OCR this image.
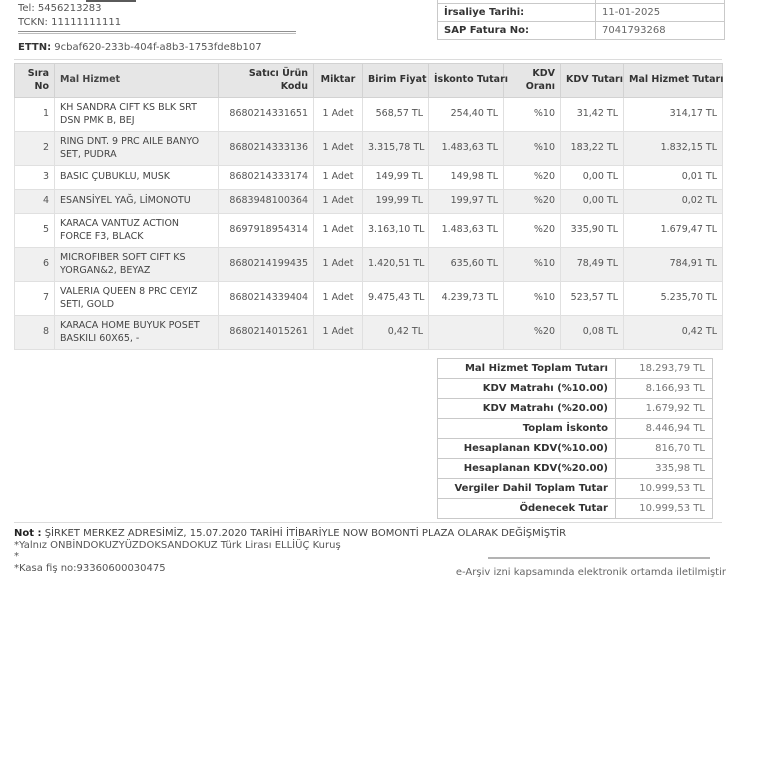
Tel: 5456213283
TCKN: 11111111111
ETTN: 9cbaf620-233b-404f-a8b3-1753fde8b107

İrsaliye Tarihi:	11-01-2025
SAP Fatura No:	7041793268
Sıra No	Mal Hizmet	Satıcı Ürün Kodu	Miktar	Birim Fiyat	İskonto Tutarı	KDV Oranı	KDV Tutarı	Mal Hizmet Tutarı
1	KH SANDRA CIFT KS BLK SRT DSN PMK B, BEJ	8680214331651	1 Adet	568,57 TL	254,40 TL	%10	31,42 TL	314,17 TL
2	RING DNT. 9 PRC AILE BANYO SET, PUDRA	8680214333136	1 Adet	3.315,78 TL	1.483,63 TL	%10	183,22 TL	1.832,15 TL
3	BASIC ÇUBUKLU, MUSK	8680214333174	1 Adet	149,99 TL	149,98 TL	%20	0,00 TL	0,01 TL
4	ESANSİYEL YAĞ, LİMONOTU	8683948100364	1 Adet	199,99 TL	199,97 TL	%20	0,00 TL	0,02 TL
5	KARACA VANTUZ ACTION FORCE F3, BLACK	8697918954314	1 Adet	3.163,10 TL	1.483,63 TL	%20	335,90 TL	1.679,47 TL
6	MICROFIBER SOFT CIFT KS YORGAN&2, BEYAZ	8680214199435	1 Adet	1.420,51 TL	635,60 TL	%10	78,49 TL	784,91 TL
7	VALERIA QUEEN 8 PRC CEYIZ SETI, GOLD	8680214339404	1 Adet	9.475,43 TL	4.239,73 TL	%10	523,57 TL	5.235,70 TL
8	KARACA HOME BUYUK POSET BASKILI 60X65, -	8680214015261	1 Adet	0,42 TL		%20	0,08 TL	0,42 TL
Mal Hizmet Toplam Tutarı	18.293,79 TL
KDV Matrahı (%10.00)	8.166,93 TL
KDV Matrahı (%20.00)	1.679,92 TL
Toplam İskonto	8.446,94 TL
Hesaplanan KDV(%10.00)	816,70 TL
Hesaplanan KDV(%20.00)	335,98 TL
Vergiler Dahil Toplam Tutar	10.999,53 TL
Ödenecek Tutar	10.999,53 TL
Not : ŞİRKET MERKEZ ADRESİMİZ, 15.07.2020 TARİHİ İTİBARİYLE NOW BOMONTİ PLAZA OLARAK DEĞİŞMİŞTİR
*Yalnız ONBİNDOKUZYÜZDOKSANDOKUZ Türk Lirası ELLİÜÇ Kuruş
*
*Kasa fiş no:93360600030475	e-Arşiv izni kapsamında elektronik ortamda iletilmiştir
